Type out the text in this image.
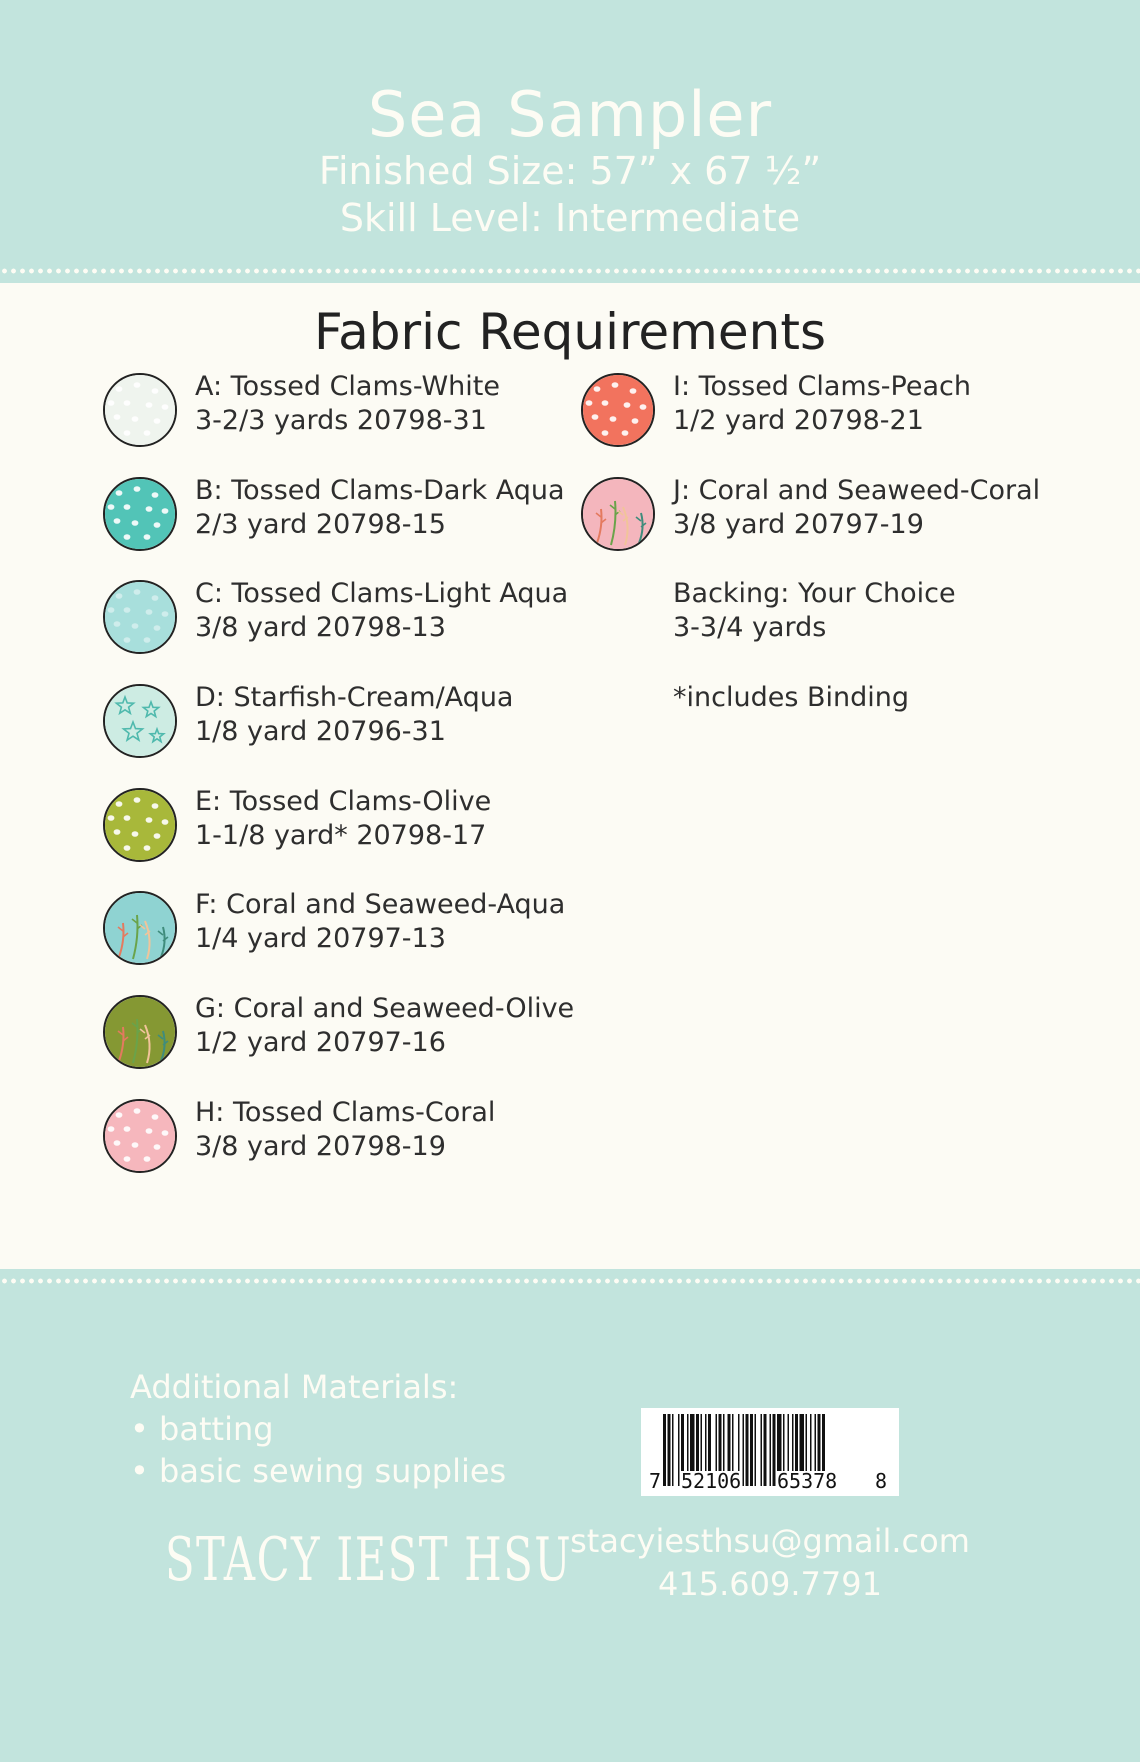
Sea Sampler
Finished Size: 57” x 67 ½”
Skill Level: Intermediate
Fabric Requirements
A: Tossed Clams-White
3-2/3 yards 20798-31
B: Tossed Clams-Dark Aqua
2/3 yard 20798-15
C: Tossed Clams-Light Aqua
3/8 yard 20798-13
D: Starfish-Cream/Aqua
1/8 yard 20796-31
E: Tossed Clams-Olive
1-1/8 yard* 20798-17
F: Coral and Seaweed-Aqua
1/4 yard 20797-13
G: Coral and Seaweed-Olive
1/2 yard 20797-16
H: Tossed Clams-Coral
3/8 yard 20798-19
I: Tossed Clams-Peach
1/2 yard 20798-21
J: Coral and Seaweed-Coral
3/8 yard 20797-19
Backing: Your Choice
3-3/4 yards
*includes Binding
Additional Materials:
• batting
• basic sewing supplies
STACY IEST HSU
stacyiesthsu@gmail.com
415.609.7791
7 52106 65378 8
